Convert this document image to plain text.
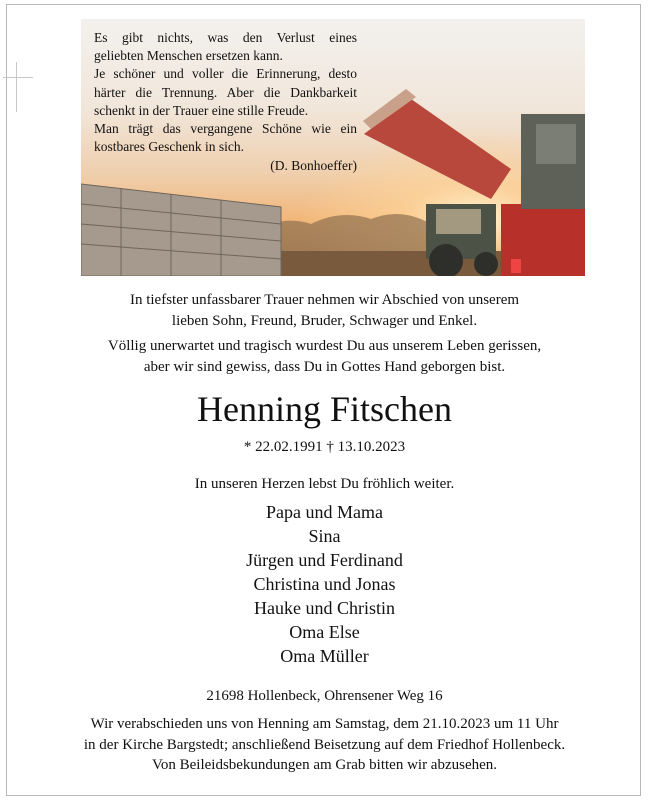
Es gibt nichts, was den Verlust eines
geliebten Menschen ersetzen kann.
Je schöner und voller die Erinnerung, desto
härter die Trennung. Aber die Dankbarkeit
schenkt in der Trauer eine stille Freude.
Man trägt das vergangene Schöne wie ein
kostbares Geschenk in sich.
(D. Bonhoeffer)
In tiefster unfassbarer Trauer nehmen wir Abschied von unserem
lieben Sohn, Freund, Bruder, Schwager und Enkel.
Völlig unerwartet und tragisch wurdest Du aus unserem Leben gerissen,
aber wir sind gewiss, dass Du in Gottes Hand geborgen bist.
Henning Fitschen
* 22.02.1991 † 13.10.2023
In unseren Herzen lebst Du fröhlich weiter.
Papa und Mama
Sina
Jürgen und Ferdinand
Christina und Jonas
Hauke und Christin
Oma Else
Oma Müller
21698 Hollenbeck, Ohrensener Weg 16
Wir verabschieden uns von Henning am Samstag, dem 21.10.2023 um 11 Uhr
in der Kirche Bargstedt; anschließend Beisetzung auf dem Friedhof Hollenbeck.
Von Beileidsbekundungen am Grab bitten wir abzusehen.
